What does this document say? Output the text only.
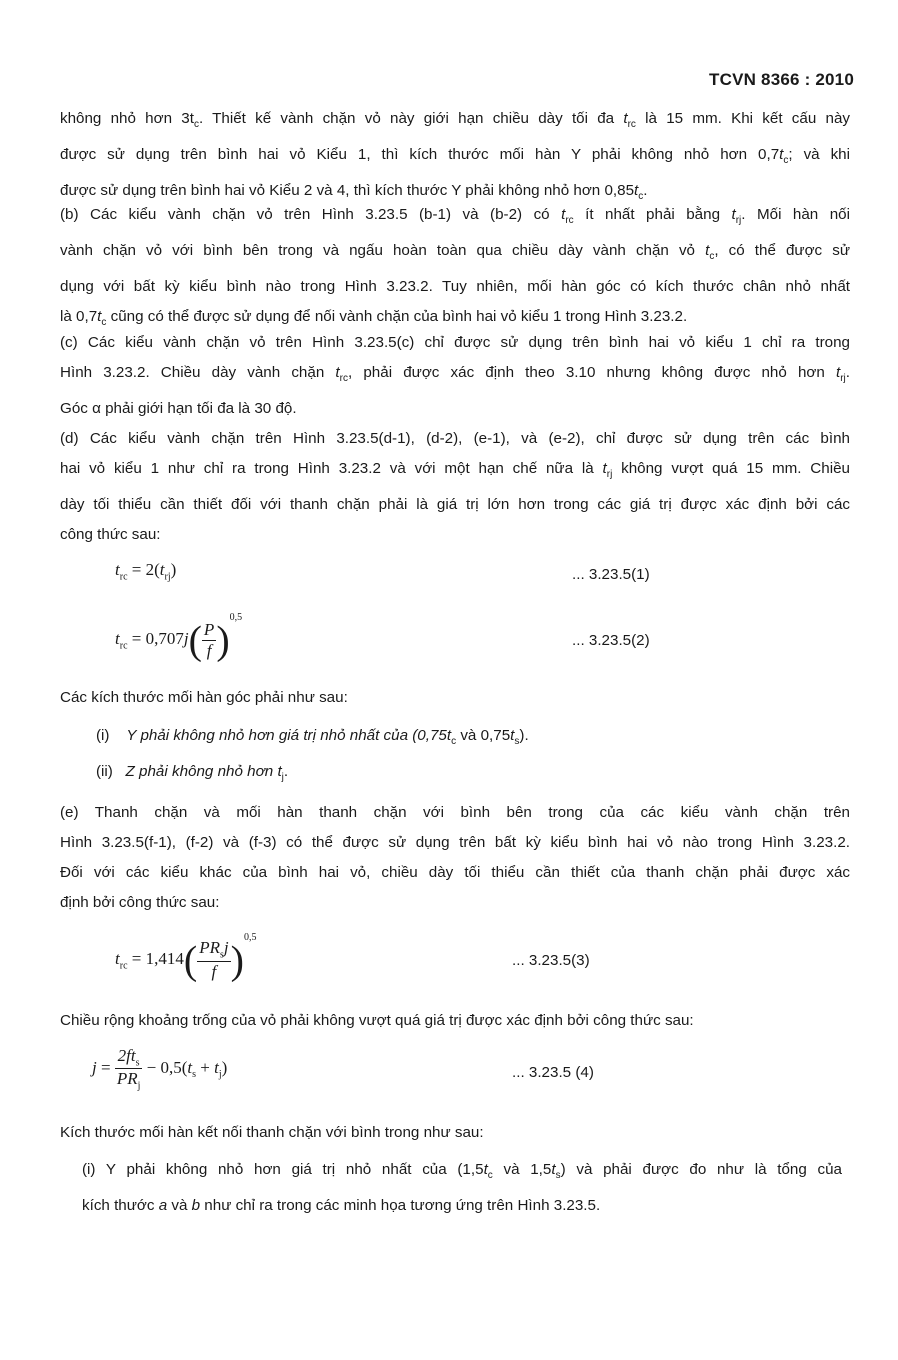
TCVN 8366 : 2010
không nhỏ hơn $3t_c$. Thiết kế vành chặn vỏ này giới hạn chiều dày tối đa $t_{rc}$ là 15 mm. Khi kết cấu này
được sử dụng trên bình hai vỏ Kiểu 1, thì kích thước mối hàn Y phải không nhỏ hơn $0,7t_c$; và khi
được sử dụng trên bình hai vỏ Kiểu 2 và 4, thì kích thước Y phải không nhỏ hơn $0,85t_c$.
(b) Các kiểu vành chặn vỏ trên Hình 3.23.5 (b-1) và (b-2) có $t_{rc}$ ít nhất phải bằng $t_{rj}$. Mối hàn nối
vành chặn vỏ với bình bên trong và ngấu hoàn toàn qua chiều dày vành chặn vỏ $t_c$, có thể được sử
dụng với bất kỳ kiểu bình nào trong Hình 3.23.2. Tuy nhiên, mối hàn góc có kích thước chân nhỏ nhất
là $0,7t_c$ cũng có thể được sử dụng để nối vành chặn của bình hai vỏ kiểu 1 trong Hình 3.23.2.
(c) Các kiểu vành chặn vỏ trên Hình 3.23.5(c) chỉ được sử dụng trên bình hai vỏ kiểu 1 chỉ ra trong
Hình 3.23.2. Chiều dày vành chặn $t_{rc}$, phải được xác định theo 3.10 nhưng không được nhỏ hơn $t_{rj}$.
Góc α phải giới hạn tối đa là 30 độ.
(d) Các kiểu vành chặn trên Hình 3.23.5(d-1), (d-2), (e-1), và (e-2), chỉ được sử dụng trên các bình
hai vỏ kiểu 1 như chỉ ra trong Hình 3.23.2 và với một hạn chế nữa là $t_{rj}$ không vượt quá 15 mm. Chiều
dày tối thiểu cần thiết đối với thanh chặn phải là giá trị lớn hơn trong các giá trị được xác định bởi các
công thức sau:
$t_{rc} = 2(t_{rj})$	... 3.23.5(1)
$t_{rc} = 0,707j( \frac{P}{f} )^{0,5}$
... 3.23.5(2)
Các kích thước mối hàn góc phải như sau:
(i) Y phải không nhỏ hơn giá trị nhỏ nhất của ($0,75t_c$ và $0,75t_s$).
(ii) Z phải không nhỏ hơn $t_j$.
(e) Thanh chặn và mối hàn thanh chặn với bình bên trong của các kiểu vành chặn trên
Hình 3.23.5(f-1), (f-2) và (f-3) có thể được sử dụng trên bất kỳ kiểu bình hai vỏ nào trong Hình 3.23.2.
Đối với các kiểu khác của bình hai vỏ, chiều dày tối thiểu cần thiết của thanh chặn phải được xác
định bởi công thức sau:
$t_{rc} = 1,414( \frac{PR_sj}{f} )^{0,5}$
... 3.23.5(3)
Chiều rộng khoảng trống của vỏ phải không vượt quá giá trị được xác định bởi công thức sau:
$j = \frac{2ft_s}{PR_j} - 0,5(t_s + t_j)$	... 3.23.5 (4)
Kích thước mối hàn kết nối thanh chặn với bình trong như sau:
(i) Y phải không nhỏ hơn giá trị nhỏ nhất của ($1,5t_c$ và $1,5t_s$) và phải được đo như là tổng của
kích thước a và b như chỉ ra trong các minh họa tương ứng trên Hình 3.23.5.
